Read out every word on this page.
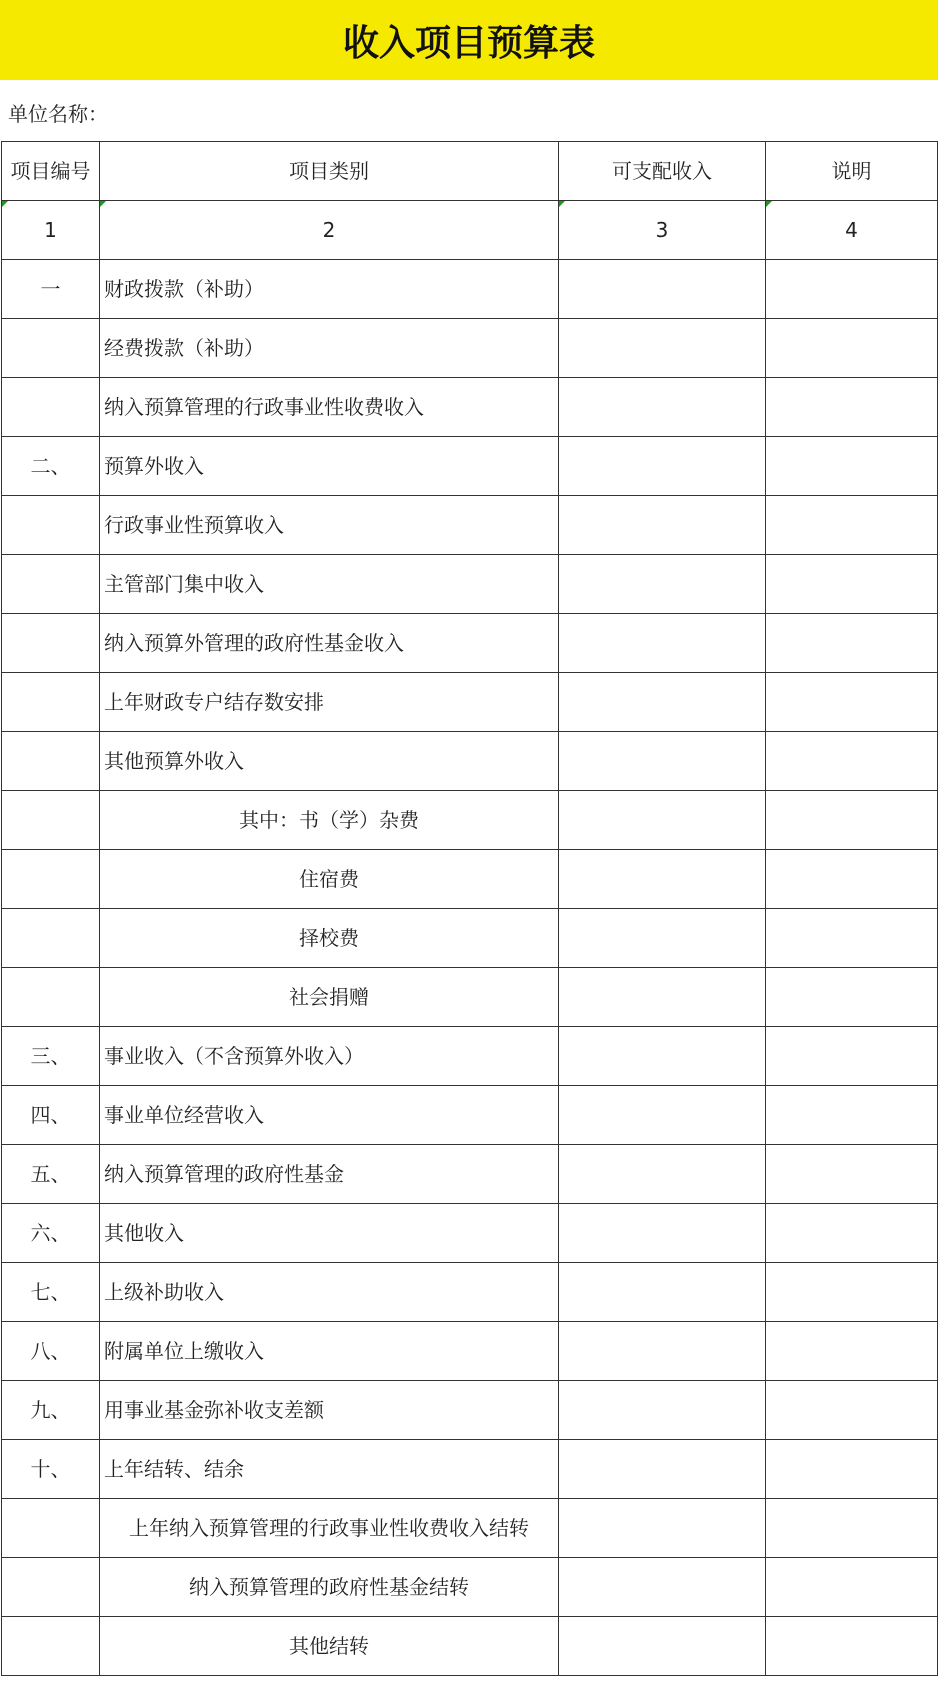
收入项目预算表
单位名称：
项目编号	项目类别	可支配收入	说明
1	2	3	4
一	财政拨款（补助）		
	经费拨款（补助）		
	纳入预算管理的行政事业性收费收入		
二、	预算外收入		
	行政事业性预算收入		
	主管部门集中收入		
	纳入预算外管理的政府性基金收入		
	上年财政专户结存数安排		
	其他预算外收入		
	其中：书（学）杂费		
	住宿费		
	择校费		
	社会捐赠		
三、	事业收入（不含预算外收入）		
四、	事业单位经营收入		
五、	纳入预算管理的政府性基金		
六、	其他收入		
七、	上级补助收入		
八、	附属单位上缴收入		
九、	用事业基金弥补收支差额		
十、	上年结转、结余		
	上年纳入预算管理的行政事业性收费收入结转		
	纳入预算管理的政府性基金结转		
	其他结转		
